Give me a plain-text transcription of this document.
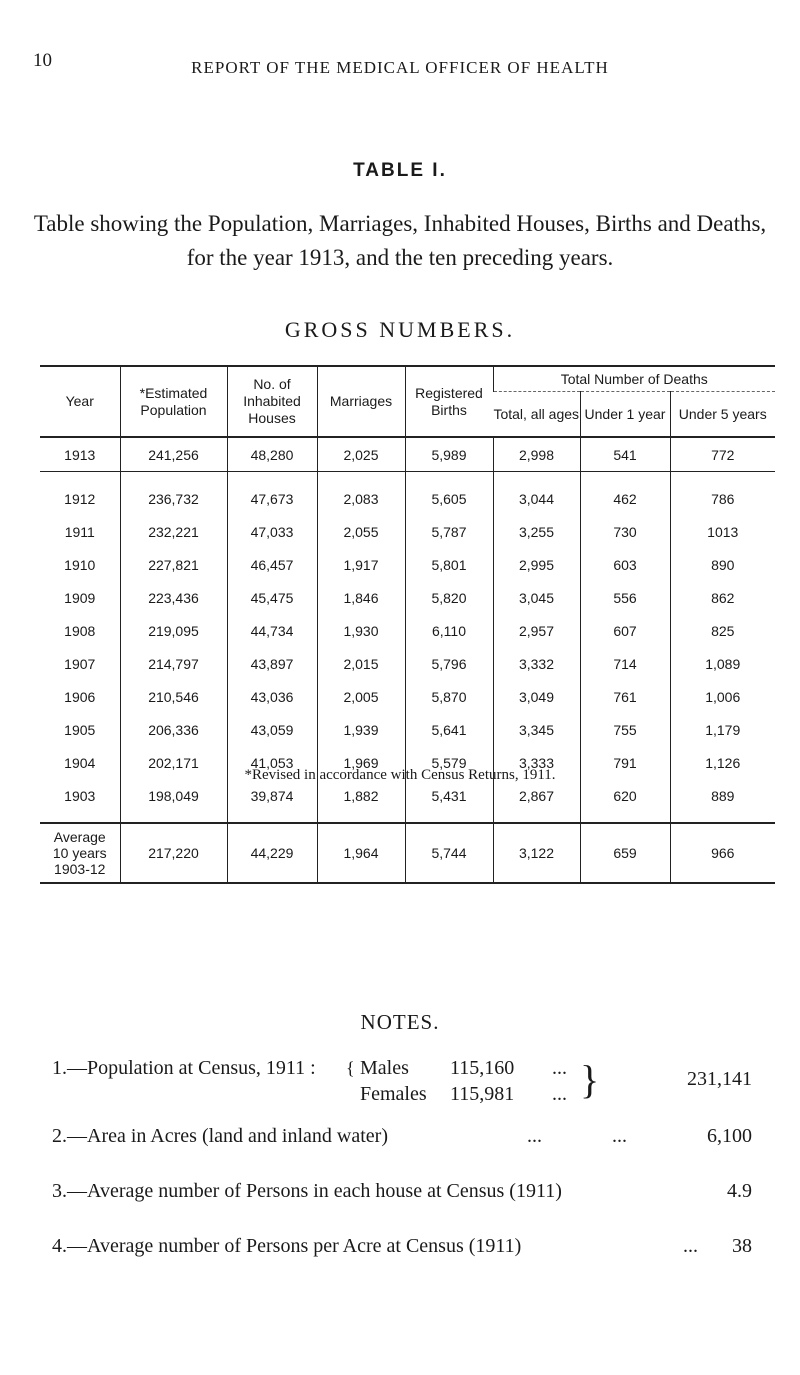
10	REPORT OF THE MEDICAL OFFICER OF HEALTH
TABLE I.
Table showing the Population, Marriages, Inhabited Houses, Births and Deaths, for the year 1913, and the ten preceding years.
GROSS NUMBERS.
Year	*Estimated Population	No. of Inhabited Houses	Marriages	Registered Births	Total Number of Deaths		
					Total, all ages	Under 1 year	Under 5 years
1913	241,256	48,280	2,025	5,989	2,998	541	772

1912	236,732	47,673	2,083	5,605	3,044	462	786
1911	232,221	47,033	2,055	5,787	3,255	730	1013
1910	227,821	46,457	1,917	5,801	2,995	603	890
1909	223,436	45,475	1,846	5,820	3,045	556	862
1908	219,095	44,734	1,930	6,110	2,957	607	825
1907	214,797	43,897	2,015	5,796	3,332	714	1,089
1906	210,546	43,036	2,005	5,870	3,049	761	1,006
1905	206,336	43,059	1,939	5,641	3,345	755	1,179
1904	202,171	41,053	1,969	5,579	3,333	791	1,126
1903	198,049	39,874	1,882	5,431	2,867	620	889

Average
10 years
1903-12	217,220	44,229	1,964	5,744	3,122	659	966
*Revised in accordance with Census Returns, 1911.
NOTES.
1.—Population at Census, 1911 : { Males 115,160 ...
Females 115,981 ... }	231,141
2.—Area in Acres (land and inland water)	...	...	6,100
3.—Average number of Persons in each house at Census (1911)	4.9
4.—Average number of Persons per Acre at Census (1911)	... 38
